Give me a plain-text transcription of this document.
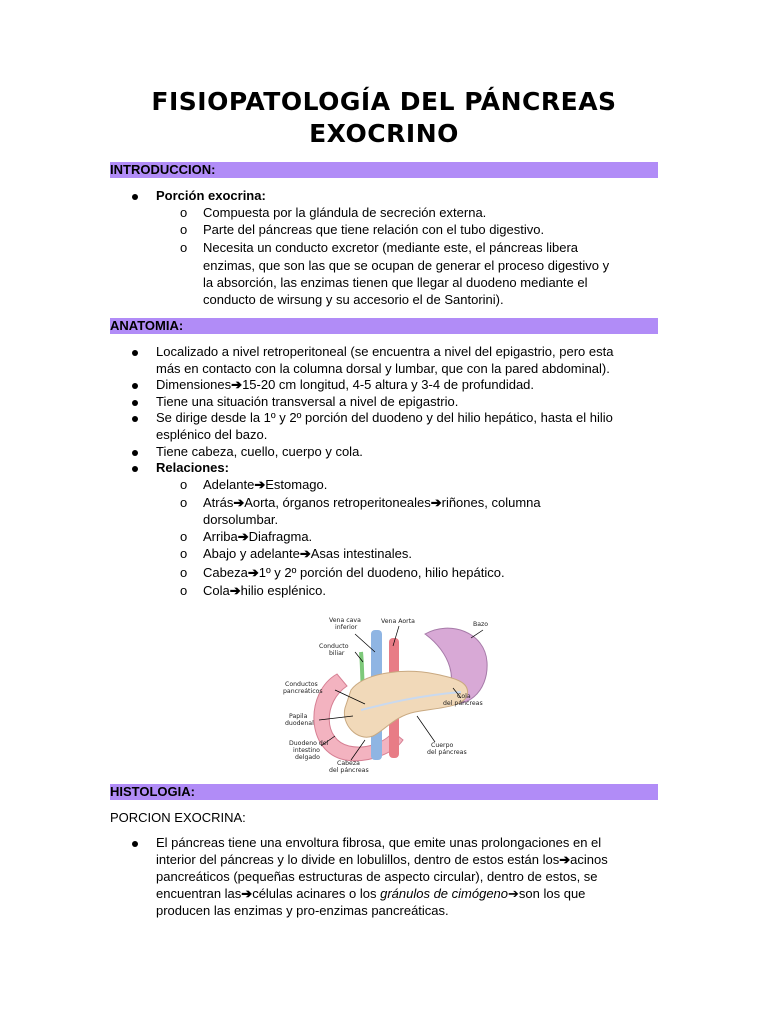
FISIOPATOLOGÍA DEL PÁNCREAS
EXOCRINO
INTRODUCCION:
Porción exocrina:
o Compuesta por la glándula de secreción externa.
o Parte del páncreas que tiene relación con el tubo digestivo.
o Necesita un conducto excretor (mediante este, el páncreas libera
enzimas, que son las que se ocupan de generar el proceso digestivo y
la absorción, las enzimas tienen que llegar al duodeno mediante el
conducto de wirsung y su accesorio el de Santorini).
ANATOMIA:
Localizado a nivel retroperitoneal (se encuentra a nivel del epigastrio, pero esta
más en contacto con la columna dorsal y lumbar, que con la pared abdominal).
Dimensiones➔15-20 cm longitud, 4-5 altura y 3-4 de profundidad.
Tiene una situación transversal a nivel de epigastrio.
Se dirige desde la 1º y 2º porción del duodeno y del hilio hepático, hasta el hilio
esplénico del bazo.
Tiene cabeza, cuello, cuerpo y cola.
Relaciones:
o Adelante➔Estomago.
o Atrás➔Aorta, órganos retroperitoneales➔riñones, columna
dorsolumbar.
o Arriba➔Diafragma.
o Abajo y adelante➔Asas intestinales.
o Cabeza➔1º y 2º porción del duodeno, hilio hepático.
o Cola➔hilio esplénico.
Vena cava
inferior
Vena Aorta	Bazo
Conducto
biliar
Conductos
pancreáticos
Cola
del páncreas
Papila
duodenal
Duodeno del
intestino
delgado
Cuerpo
del páncreas
Cabeza
del páncreas
HISTOLOGIA:
PORCION EXOCRINA:
El páncreas tiene una envoltura fibrosa, que emite unas prolongaciones en el
interior del páncreas y lo divide en lobulillos, dentro de estos están los➔acinos
pancreáticos (pequeñas estructuras de aspecto circular), dentro de estos, se
encuentran las➔células acinares o los gránulos de cimógeno➔son los que
producen las enzimas y pro-enzimas pancreáticas.
